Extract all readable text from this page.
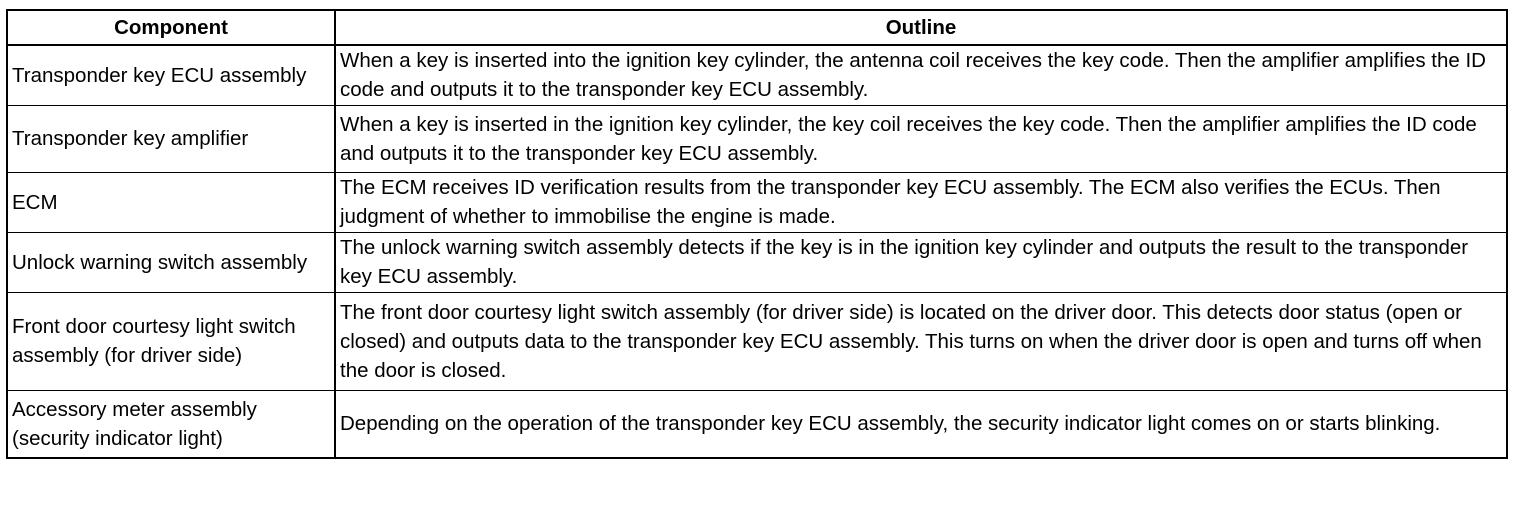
Component	Outline
Transponder key ECU assembly	When a key is inserted into the ignition key cylinder, the antenna coil receives the key code. Then the amplifier amplifies the ID code and outputs it to the transponder key ECU assembly.
Transponder key amplifier	When a key is inserted in the ignition key cylinder, the key coil receives the key code. Then the amplifier amplifies the ID code and outputs it to the transponder key ECU assembly.
ECM	The ECM receives ID verification results from the transponder key ECU assembly. The ECM also verifies the ECUs. Then judgment of whether to immobilise the engine is made.
Unlock warning switch assembly	The unlock warning switch assembly detects if the key is in the ignition key cylinder and outputs the result to the transponder key ECU assembly.
Front door courtesy light switch assembly (for driver side)	The front door courtesy light switch assembly (for driver side) is located on the driver door. This detects door status (open or closed) and outputs data to the transponder key ECU assembly. This turns on when the driver door is open and turns off when the door is closed.
Accessory meter assembly (security indicator light)	Depending on the operation of the transponder key ECU assembly, the security indicator light comes on or starts blinking.
